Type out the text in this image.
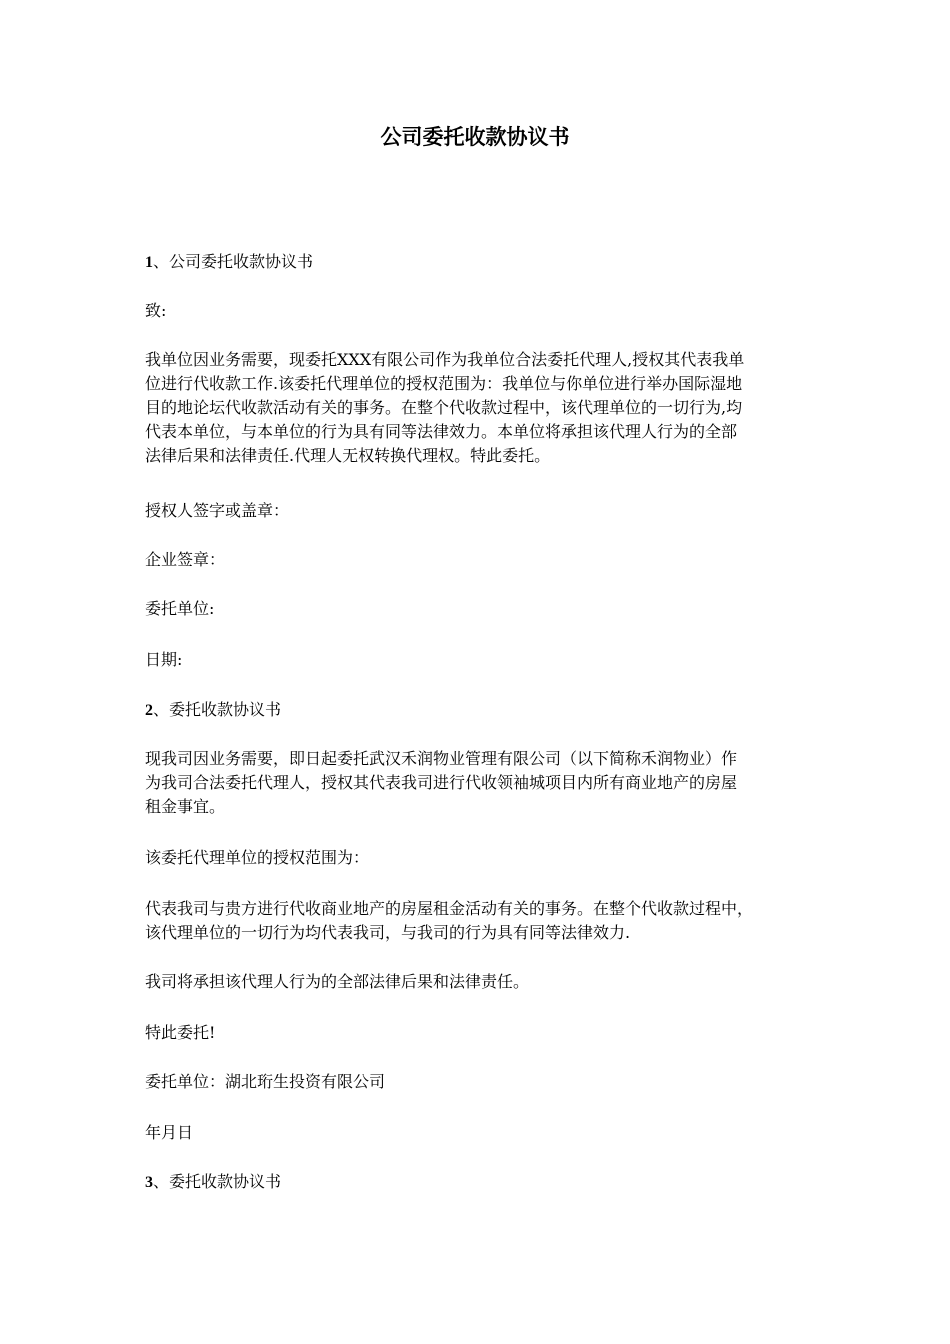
公司委托收款协议书

1、公司委托收款协议书

致:

我单位因业务需要，现委托XXX有限公司作为我单位合法委托代理人,授权其代表我单
位进行代收款工作.该委托代理单位的授权范围为：我单位与你单位进行举办国际湿地
目的地论坛代收款活动有关的事务。在整个代收款过程中，该代理单位的一切行为,均
代表本单位，与本单位的行为具有同等法律效力。本单位将承担该代理人行为的全部
法律后果和法律责任.代理人无权转换代理权。特此委托。

授权人签字或盖章：

企业签章：

委托单位:

日期:

2、委托收款协议书

现我司因业务需要，即日起委托武汉禾润物业管理有限公司（以下简称禾润物业）作
为我司合法委托代理人，授权其代表我司进行代收领袖城项目内所有商业地产的房屋
租金事宜。

该委托代理单位的授权范围为：

代表我司与贵方进行代收商业地产的房屋租金活动有关的事务。在整个代收款过程中，
该代理单位的一切行为均代表我司，与我司的行为具有同等法律效力.

我司将承担该代理人行为的全部法律后果和法律责任。

特此委托!

委托单位：湖北珩生投资有限公司

年月日

3、委托收款协议书
